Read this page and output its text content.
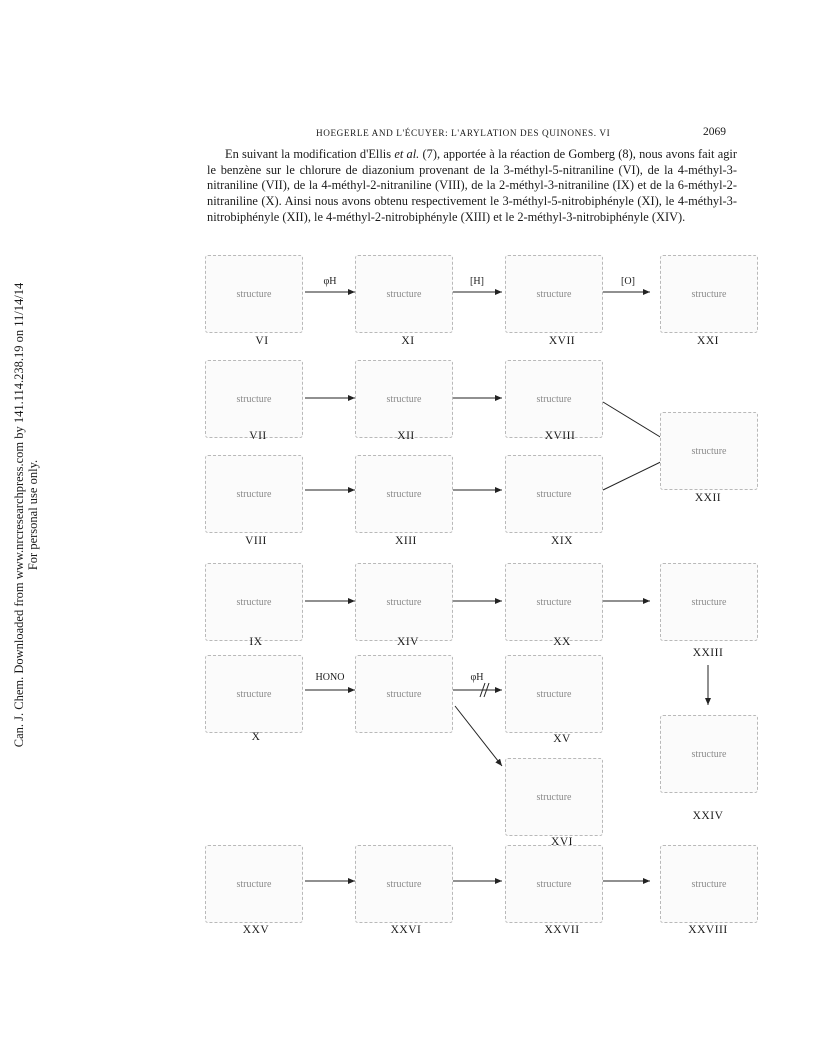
Can. J. Chem. Downloaded from www.nrcresearchpress.com by 141.114.238.19 on 11/14/14 For personal use only.
HOEGERLE AND L'ÉCUYER: L'ARYLATION DES QUINONES. VI	2069
En suivant la modification d'Ellis et al. (7), apportée à la réaction de Gomberg (8), nous avons fait agir le benzène sur le chlorure de diazonium provenant de la 3-méthyl-5-nitraniline (VI), de la 4-méthyl-3-nitraniline (VII), de la 4-méthyl-2-nitraniline (VIII), de la 2-méthyl-3-nitraniline (IX) et de la 6-méthyl-2-nitraniline (X). Ainsi nous avons obtenu respectivement le 3-méthyl-5-nitrobiphényle (XI), le 4-méthyl-3-nitrobiphényle (XII), le 4-méthyl-2-nitrobiphényle (XIII) et le 2-méthyl-3-nitrobiphényle (XIV).
φH	[H]	[O]
HONO	φH
structure	structure	structure	structure
structure	structure	structure
structure
structure	structure	structure
structure	structure	structure	structure
structure	structure	structure
structure
structure
structure	structure	structure	structure
VI	XI	XVII	XXI
VII	XII	XVIII
XXII
VIII	XIII	XIX
IX	XIV	XX
XXIII
X	XV
XVI
XXIV
XXV	XXVI	XXVII	XXVIII
